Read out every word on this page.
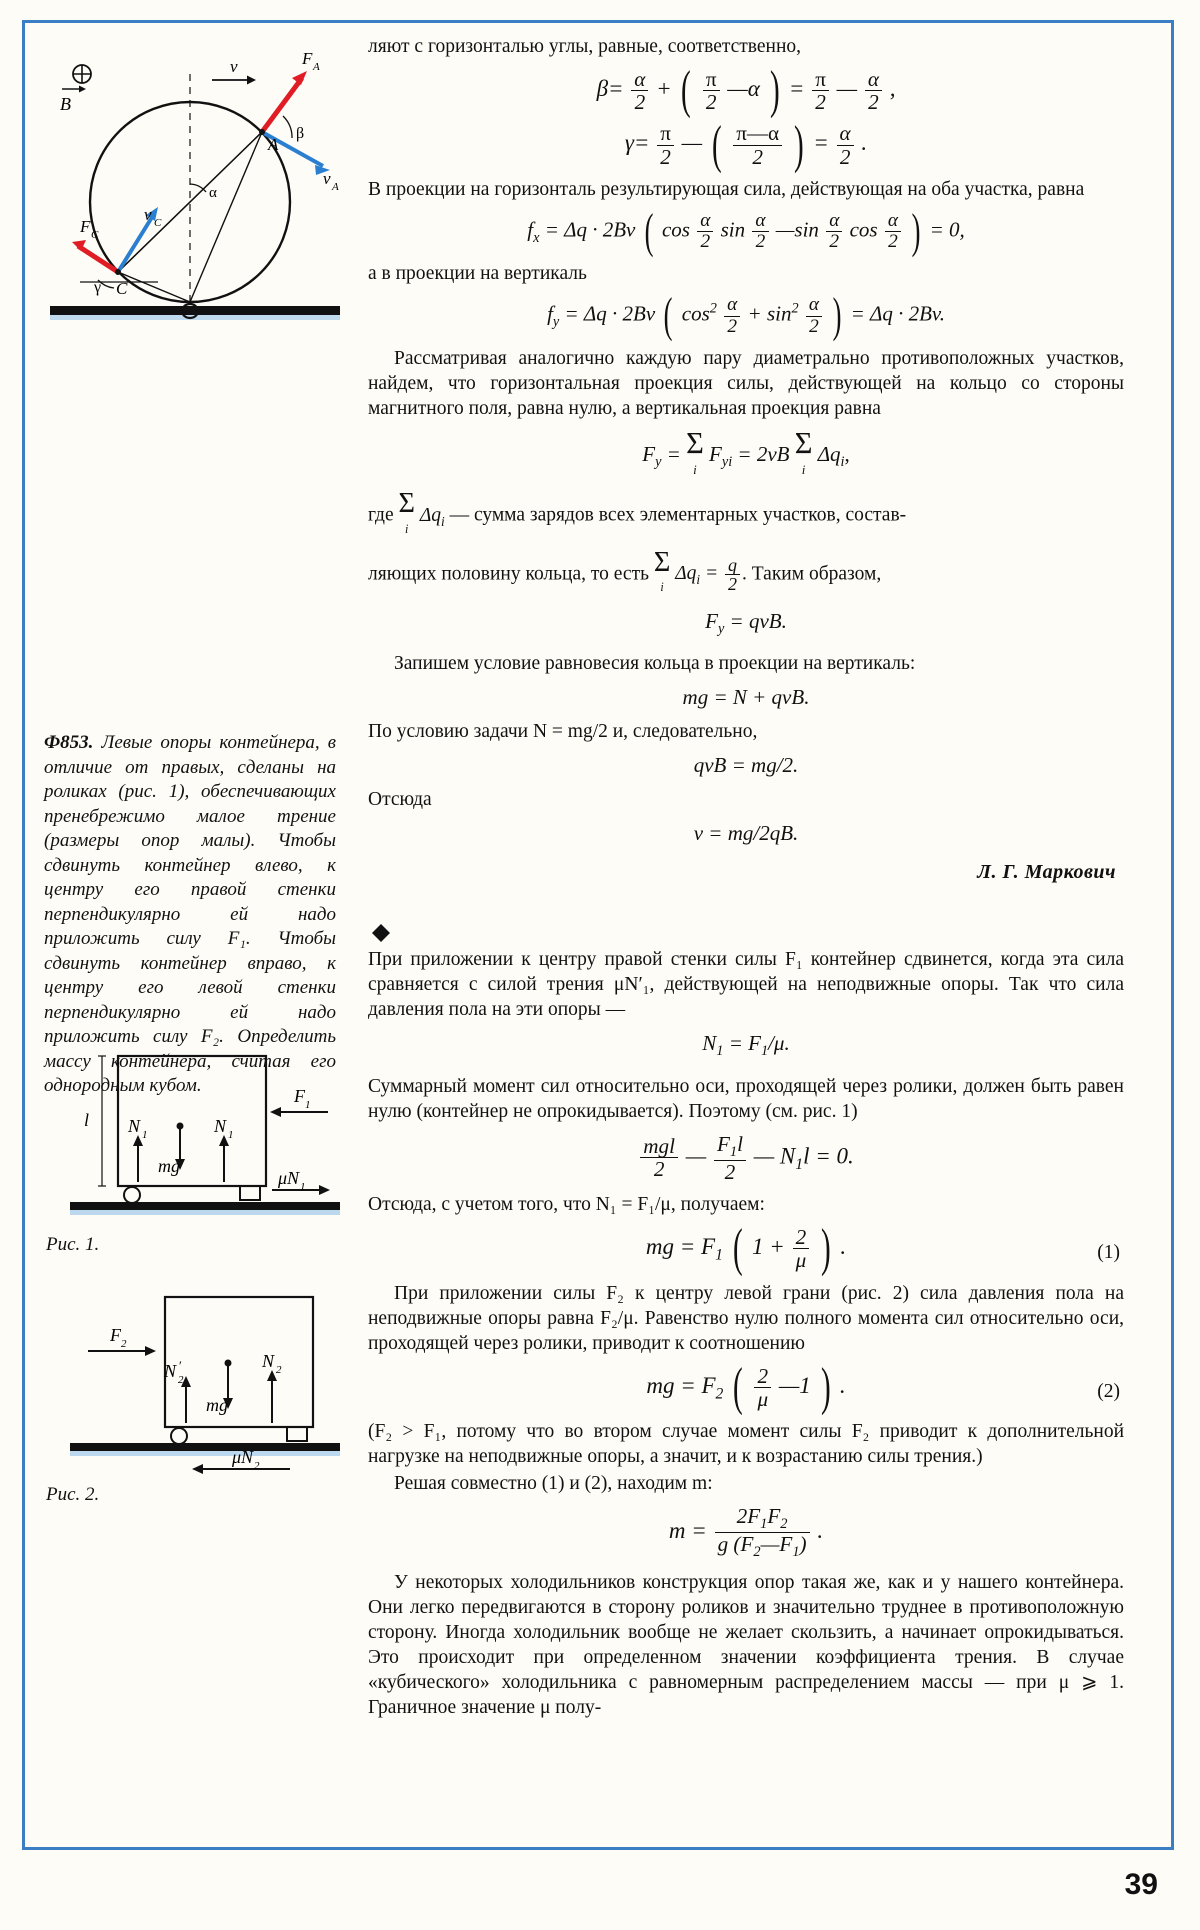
v	F A
B
β
α
γ
A
C
v A
v C
F C
Ф853. Левые опоры контейнера, в отличие от правых, сделаны на роликах (рис. 1), обеспечивающих пренебрежимо малое трение (размеры опор малы). Чтобы сдвинуть контейнер влево, к центру его правой стенки перпендикулярно ей надо приложить силу F₁. Чтобы сдвинуть контейнер вправо, к центру его левой стенки перпендикулярно ей надо приложить силу F₂. Определить массу контейнера, считая его однородным кубом.
l N 1	N 1
mg
F 1
μN 1
Рис. 1.
F 2
N 2
′	N 2
mg
μN 2
Рис. 2.

ляют с горизонталью углы, равные, соответственно,

$\beta= \frac{\alpha}{2}$ + ( $\frac{\pi}{2}$ —α ) = $\frac{\pi}{2}$ — $\frac{\alpha}{2}$ ,
$\gamma= \frac{\pi}{2}$ — ( $\frac{\pi—\alpha}{2}$ ) = $\frac{\alpha}{2}$ .

В проекции на горизонталь результирующая сила, действующая на оба участка, равна

$f_x = \Delta q \cdot 2Bv$ ( $\cos \frac{\alpha}{2}$ $\sin \frac{\alpha}{2}$ —sin $\frac{\alpha}{2}$ $\cos \frac{\alpha}{2}$ ) = 0,

а в проекции на вертикаль

$f_y = \Delta q \cdot 2Bv$ ( $\cos^2 \frac{\alpha}{2} + \sin^2 \frac{\alpha}{2}$ ) = Δq · 2Bv.

Рассматривая аналогично каждую пару диаметрально противоположных участков, найдем, что горизонтальная проекция силы, действующей на кольцо со стороны магнитного поля, равна нулю, а вертикальная проекция равна

$F_y = \Sigma$
i
$F_{yi} = 2vB$ Σ
i
$\Delta q_i$,

где Σ
i
$\Delta q_i$ — сумма зарядов всех элементарных участков, состав-

ляющих половину кольца, то есть Σ
i
$\Delta q_i = \frac{q}{2}$ . Таким образом,

$F_y$ = qvB.

Запишем условие равновесия кольца в проекции на вертикаль:

mg = N + qvB.

По условию задачи N = mg/2 и, следовательно,

qvB = mg/2.

Отсюда

v = mg/2qB.
Л. Г. Маркович

При приложении к центру правой стенки силы F₁ контейнер сдвинется, когда эта сила сравняется с силой трения μN′₁, действующей на неподвижные опоры. Так что сила давления пола на эти опоры —

$N_1 = F_1/\mu$.

Суммарный момент сил относительно оси, проходящей через ролики, должен быть равен нулю (контейнер не опрокидывается). Поэтому (см. рис. 1)

$\frac{\text{mgl}}{2}$ — $\frac{F_1l}{2}$ — $N_1l = 0$.

Отсюда, с учетом того, что N₁ = F₁/μ, получаем:

mg = $F_1$ ( $1 + \frac{2}{\mu}$ ) .	(1)

При приложении силы F₂ к центру левой грани (рис. 2) сила давления пола на неподвижные опоры равна F₂/μ. Равенство нулю полного момента сил относительно оси, проходящей через ролики, приводит к соотношению

mg = $F_2$ ( $\frac{2}{\mu}$ —1 ) .	(2)

(F₂ > F₁, потому что во втором случае момент силы F₂ приводит к дополнительной нагрузке на неподвижные опоры, а значит, и к возрастанию силы трения.)

Решая совместно (1) и (2), находим m:

$m = \frac{2F_1F_2}{g (F_2—F_1)}$ .

У некоторых холодильников конструкция опор такая же, как и у нашего контейнера. Они легко передвигаются в сторону роликов и значительно труднее в противоположную сторону. Иногда холодильник вообще не желает скользить, а начинает опрокидываться. Это происходит при определенном значении коэффициента трения. В случае «кубического» холодильника с равномерным распределением массы — при μ ⩾ 1. Граничное значение μ полу-

39
